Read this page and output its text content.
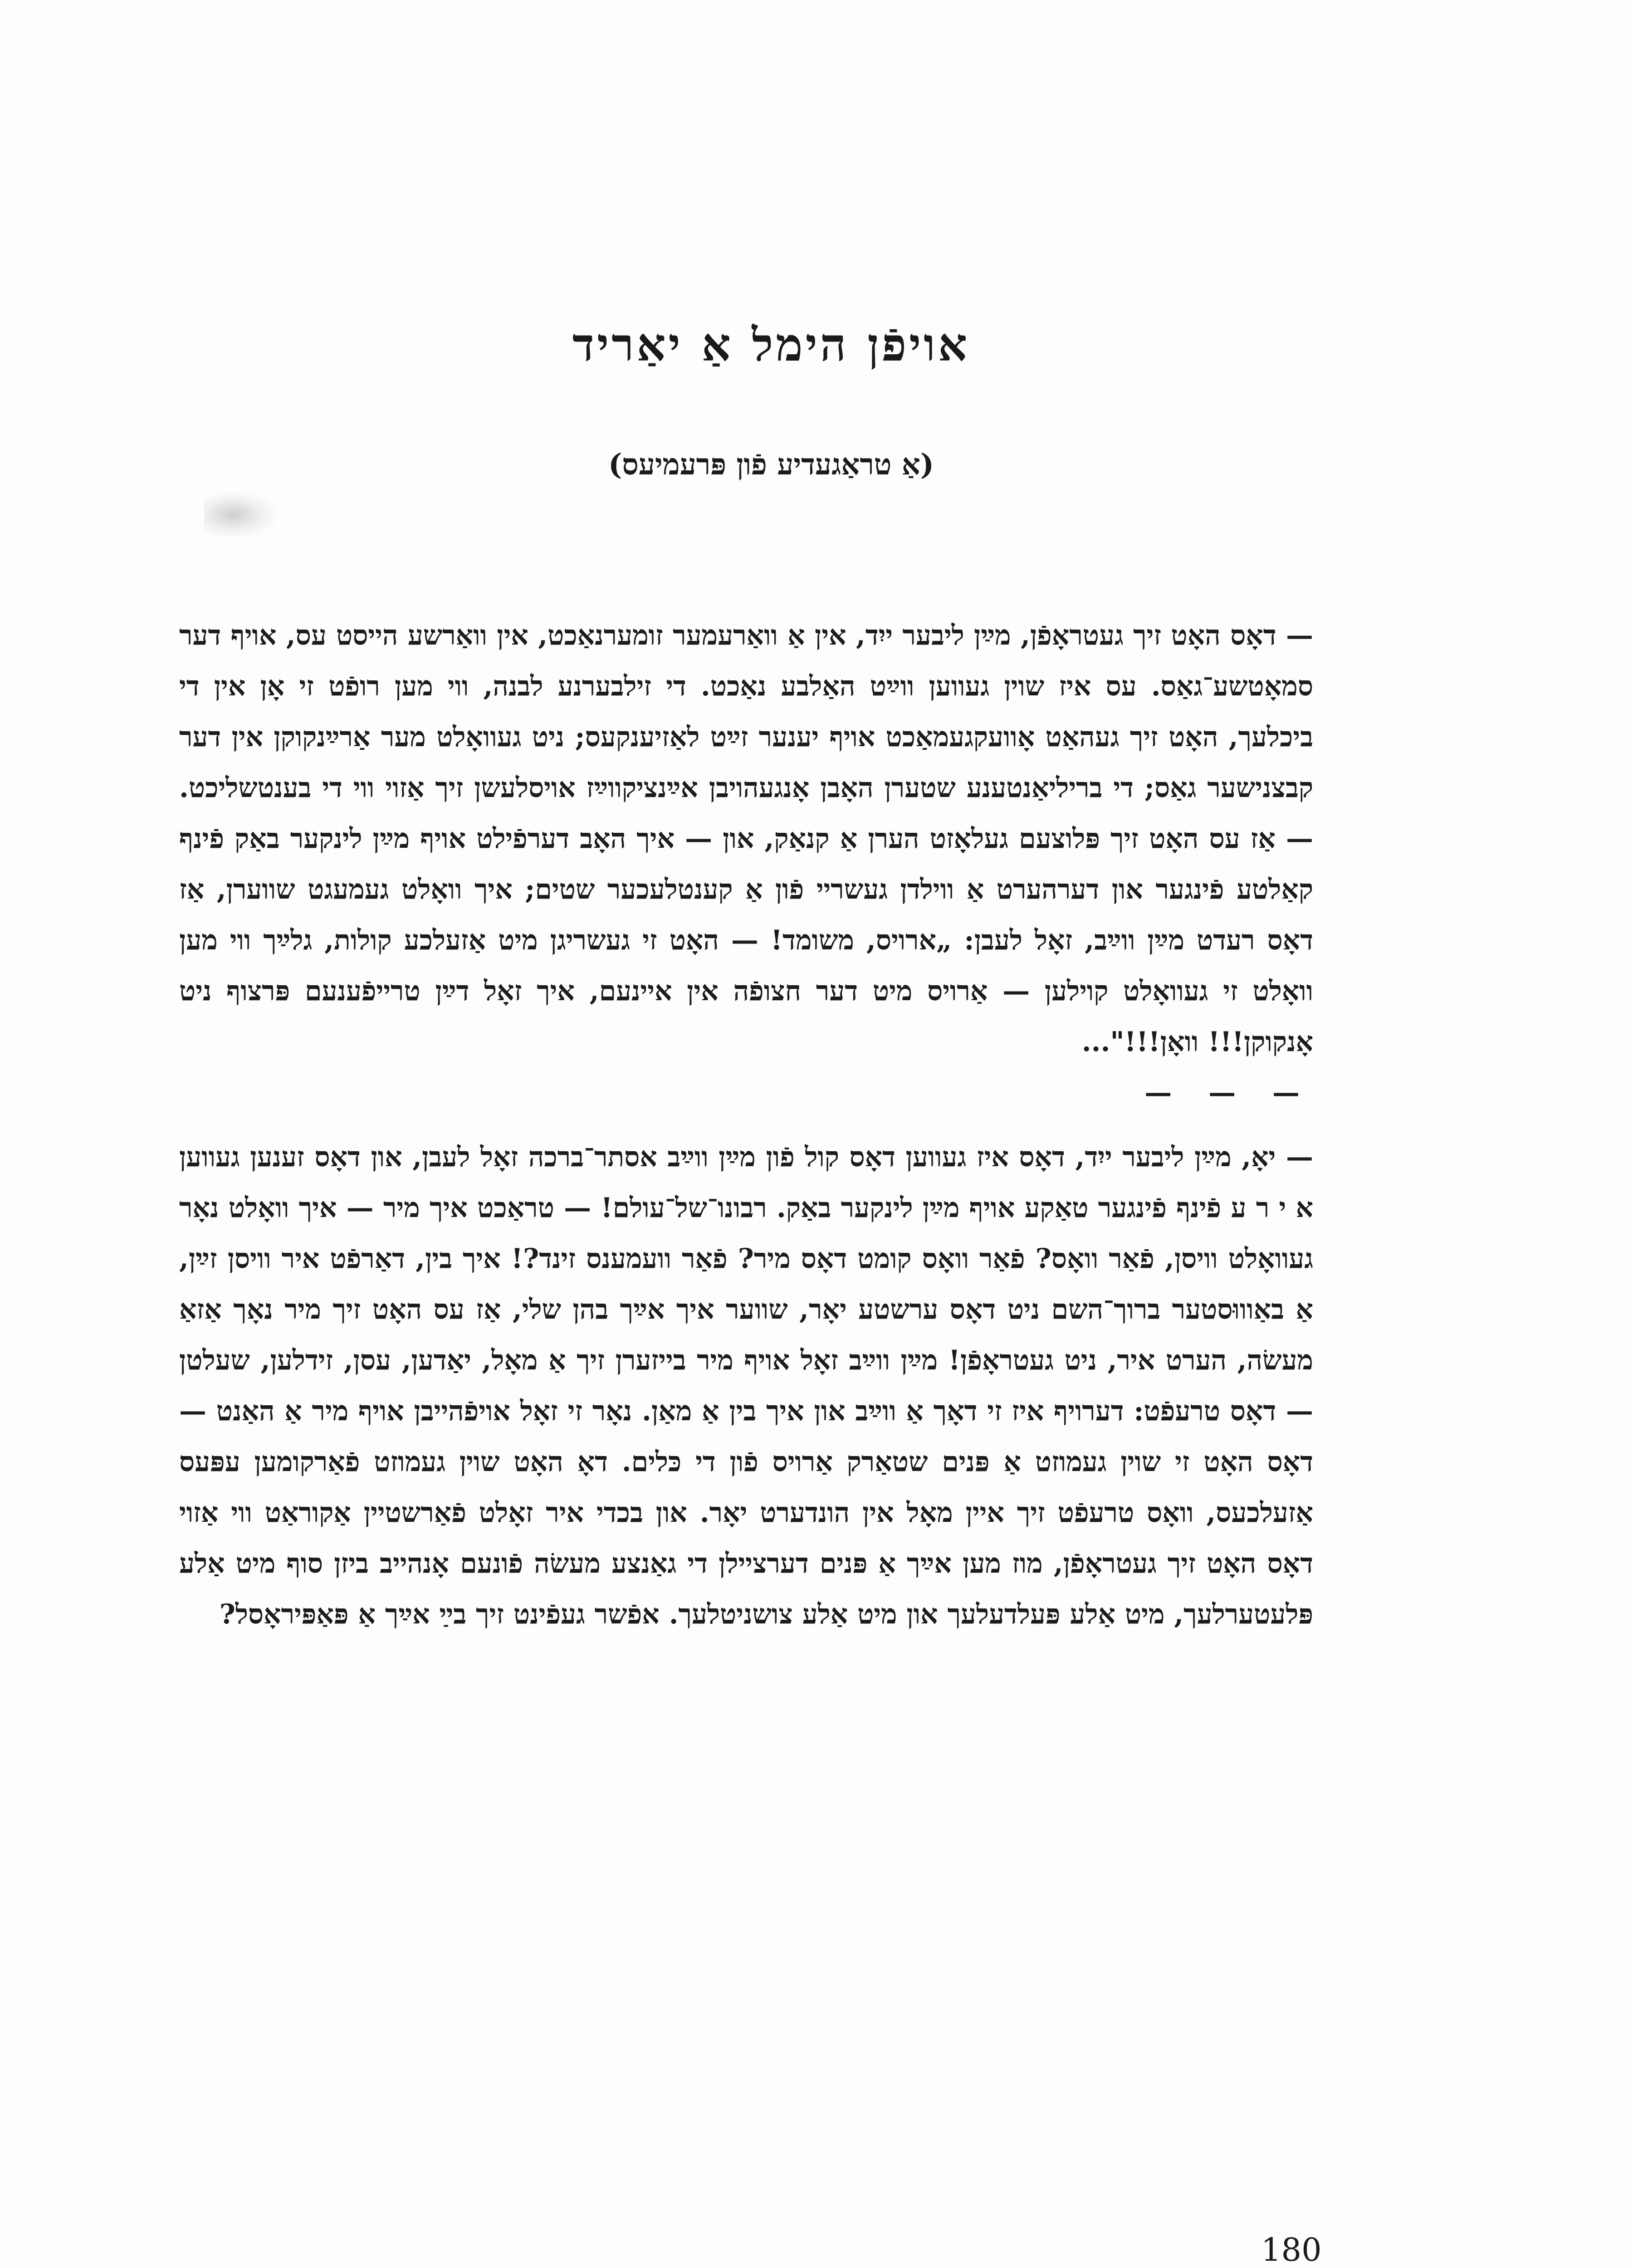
אויפֿן הימל אַ יאַריד
(אַ טראַגעדיע פֿון פּרעמיעס)

— דאָס האָט זיך געטראָפֿן, מײַן ליבער ייִד, אין אַ וואַרעמער זומערנאַכט, אין וואַרשע הייסט עס, אויף דער סמאָטשע־גאַס. עס איז שוין געווען ווײַט האַלבע נאַכט. די זילבערנע לבנה, ווי מען רופֿט זי אָן אין די ביכלעך, האָט זיך געהאַט אָוועקגעמאַכט אויף יענער זײַט לאַזיענקעס; ניט געוואָלט מער אַרײַנקוקן אין דער קבצנישער גאַס; די בריליאַנטענע שטערן האָבן אָנגעהויבן אײַנציקווײַז אויסלעשן זיך אַזוי ווי די בענטשליכט. — אַז עס האָט זיך פּלוצעם געלאָזט הערן אַ קנאַק, און — איך האָב דערפֿילט אויף מײַן לינקער באַק פֿינף קאַלטע פֿינגער און דערהערט אַ ווילדן געשריי פֿון אַ קענטלעכער שטים; איך וואָלט געמעגט שווערן, אַז דאָס רעדט מײַן ווײַב, זאָל לעבן: „ארויס, משומד! — האָט זי געשריגן מיט אַזעלכע קולות, גלײַך ווי מען וואָלט זי געוואָלט קוילען — אַרויס מיט דער חצופֿה אין איינעם, איך זאָל דײַן טרייפֿענעם פּרצוף ניט אָנקוקן!!! וואָן!!!"...

— — —

— יאָ, מײַן ליבער ייִד, דאָס איז געווען דאָס קול פֿון מײַן ווײַב אסתר־ברכה זאָל לעבן, און דאָס זענען געווען א י ר ע פֿינף פֿינגער טאַקע אויף מײַן לינקער באַק. רבונו־של־עולם! — טראַכט איך מיר — איך וואָלט נאָר געוואָלט וויסן, פֿאַר וואָס? פֿאַר וואָס קומט דאָס מיר? פֿאַר וועמענס זינד?! איך בין, דאַרפֿט איר וויסן זײַן, אַ באַוווּסטער ברוך־השם ניט דאָס ערשטע יאָר, שווער איך אײַך בהן שלי, אַז עס האָט זיך מיר נאָך אַזאַ מעשׂה, הערט איר, ניט געטראָפֿן! מײַן ווײַב זאָל אויף מיר בייזערן זיך אַ מאָל, יאַדען, עסן, זידלען, שעלטן — דאָס טרעפֿט: דערויף איז זי דאָך אַ ווײַב און איך בין אַ מאַן. נאָר זי זאָל אויפֿהייבן אויף מיר אַ האַנט — דאָס האָט זי שוין געמוזט אַ פּנים שטאַרק אַרויס פֿון די כּלים. דאָ האָט שוין געמוזט פֿאַרקומען עפּעס אַזעלכעס, וואָס טרעפֿט זיך איין מאָל אין הונדערט יאָר. און בכדי איר זאָלט פֿאַרשטיין אַקוראַט ווי אַזוי דאָס האָט זיך געטראָפֿן, מוז מען אײַך אַ פּנים דערציילן די גאַנצע מעשׂה פֿונעם אָנהייב ביזן סוף מיט אַלע פּלעטערלעך, מיט אַלע פּעלדעלעך און מיט אַלע צושניטלעך. אפֿשר געפֿינט זיך בײַ אײַך אַ פּאַפּיראָסל?

180
